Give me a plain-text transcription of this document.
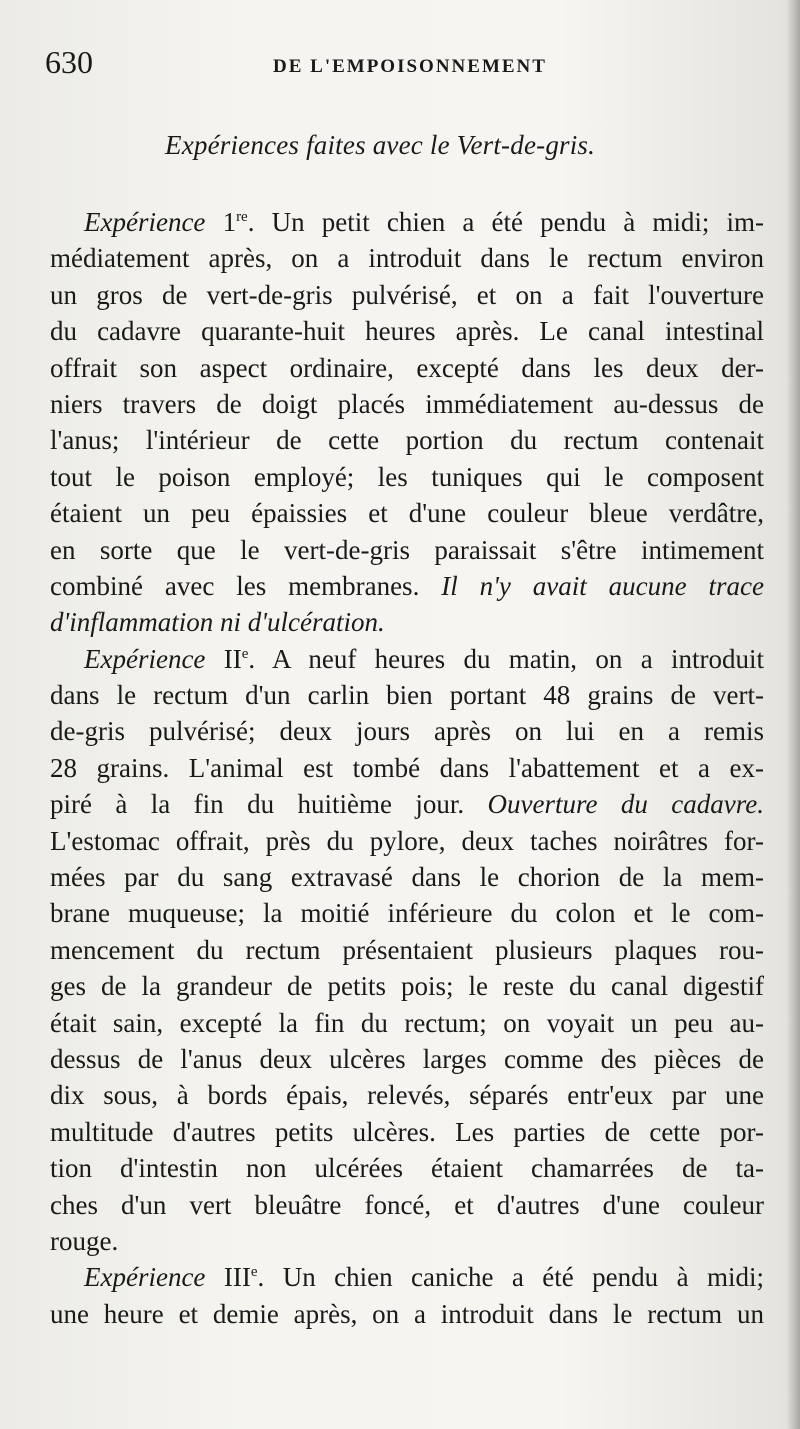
630	DE L'EMPOISONNEMENT
Expériences faites avec le Vert-de-gris.
Expérience 1re. Un petit chien a été pendu à midi; im-
médiatement après, on a introduit dans le rectum environ
un gros de vert-de-gris pulvérisé, et on a fait l'ouverture
du cadavre quarante-huit heures après. Le canal intestinal
offrait son aspect ordinaire, excepté dans les deux der-
niers travers de doigt placés immédiatement au-dessus de
l'anus; l'intérieur de cette portion du rectum contenait
tout le poison employé; les tuniques qui le composent
étaient un peu épaissies et d'une couleur bleue verdâtre,
en sorte que le vert-de-gris paraissait s'être intimement
combiné avec les membranes. Il n'y avait aucune trace
d'inflammation ni d'ulcération.
Expérience IIe. A neuf heures du matin, on a introduit
dans le rectum d'un carlin bien portant 48 grains de vert-
de-gris pulvérisé; deux jours après on lui en a remis
28 grains. L'animal est tombé dans l'abattement et a ex-
piré à la fin du huitième jour. Ouverture du cadavre.
L'estomac offrait, près du pylore, deux taches noirâtres for-
mées par du sang extravasé dans le chorion de la mem-
brane muqueuse; la moitié inférieure du colon et le com-
mencement du rectum présentaient plusieurs plaques rou-
ges de la grandeur de petits pois; le reste du canal digestif
était sain, excepté la fin du rectum; on voyait un peu au-
dessus de l'anus deux ulcères larges comme des pièces de
dix sous, à bords épais, relevés, séparés entr'eux par une
multitude d'autres petits ulcères. Les parties de cette por-
tion d'intestin non ulcérées étaient chamarrées de ta-
ches d'un vert bleuâtre foncé, et d'autres d'une couleur
rouge.
Expérience IIIe. Un chien caniche a été pendu à midi;
une heure et demie après, on a introduit dans le rectum un
